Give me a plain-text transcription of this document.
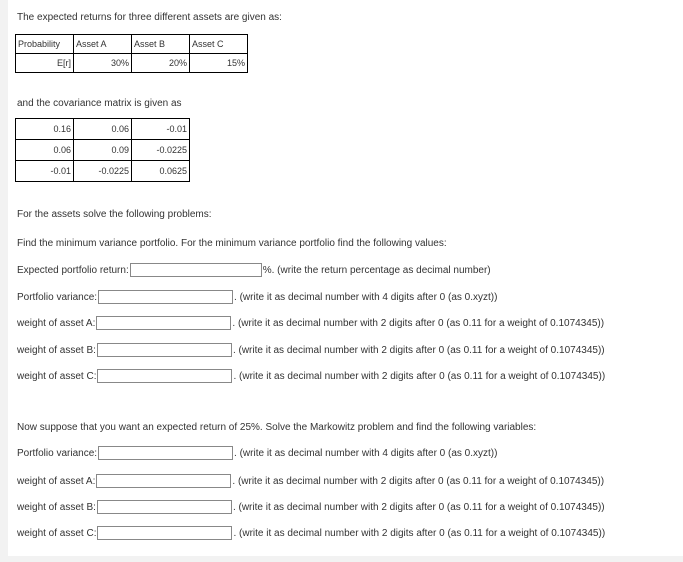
The expected returns for three different assets are given as:
Probability	Asset A	Asset B	Asset C
E[r]	30%	20%	15%
and the covariance matrix is given as
0.16	0.06	-0.01
0.06	0.09	-0.0225
-0.01	-0.0225	0.0625
For the assets solve the following problems:
Find the minimum variance portfolio. For the minimum variance portfolio find the following values:
Expected portfolio return:	%. (write the return percentage as decimal number)
Portfolio variance:	. (write it as decimal number with 4 digits after 0 (as 0.xyzt))
weight of asset A:	. (write it as decimal number with 2 digits after 0 (as 0.11 for a weight of 0.1074345))
weight of asset B:	. (write it as decimal number with 2 digits after 0 (as 0.11 for a weight of 0.1074345))
weight of asset C:	. (write it as decimal number with 2 digits after 0 (as 0.11 for a weight of 0.1074345))
Now suppose that you want an expected return of 25%. Solve the Markowitz problem and find the following variables:
Portfolio variance:	. (write it as decimal number with 4 digits after 0 (as 0.xyzt))
weight of asset A:	. (write it as decimal number with 2 digits after 0 (as 0.11 for a weight of 0.1074345))
weight of asset B:	. (write it as decimal number with 2 digits after 0 (as 0.11 for a weight of 0.1074345))
weight of asset C:	. (write it as decimal number with 2 digits after 0 (as 0.11 for a weight of 0.1074345))
